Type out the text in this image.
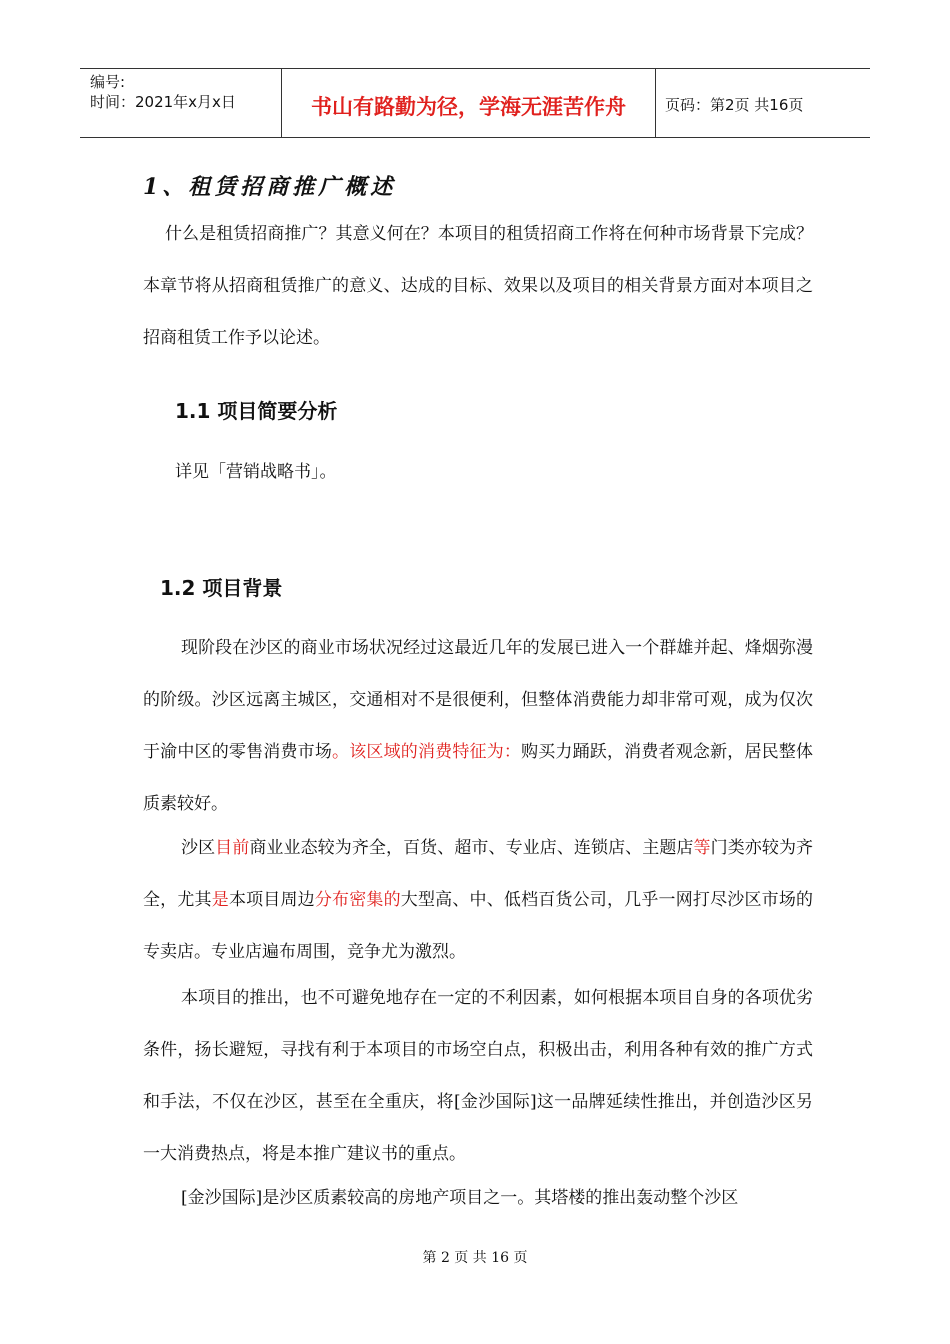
编号:
时间：2021年x月x日	书山有路勤为径，学海无涯苦作舟	页码：第2页 共16页
1、租赁招商推广概述
什么是租赁招商推广？其意义何在？本项目的租赁招商工作将在何种市场背景下完成？本章节将从招商租赁推广的意义、达成的目标、效果以及项目的相关背景方面对本项目之招商租赁工作予以论述。
1.1 项目简要分析
详见「营销战略书」。
1.2 项目背景
现阶段在沙区的商业市场状况经过这最近几年的发展已进入一个群雄并起、烽烟弥漫的阶级。沙区远离主城区，交通相对不是很便利，但整体消费能力却非常可观，成为仅次于渝中区的零售消费市场。该区域的消费特征为：购买力踊跃，消费者观念新，居民整体质素较好。
沙区目前商业业态较为齐全，百货、超市、专业店、连锁店、主题店等门类亦较为齐全，尤其是本项目周边分布密集的大型高、中、低档百货公司，几乎一网打尽沙区市场的专卖店。专业店遍布周围，竞争尤为激烈。
本项目的推出，也不可避免地存在一定的不利因素，如何根据本项目自身的各项优劣条件，扬长避短，寻找有利于本项目的市场空白点，积极出击，利用各种有效的推广方式和手法，不仅在沙区，甚至在全重庆，将[金沙国际]这一品牌延续性推出，并创造沙区另一大消费热点，将是本推广建议书的重点。
[金沙国际]是沙区质素较高的房地产项目之一。其塔楼的推出轰动整个沙区
第 2 页 共 16 页
